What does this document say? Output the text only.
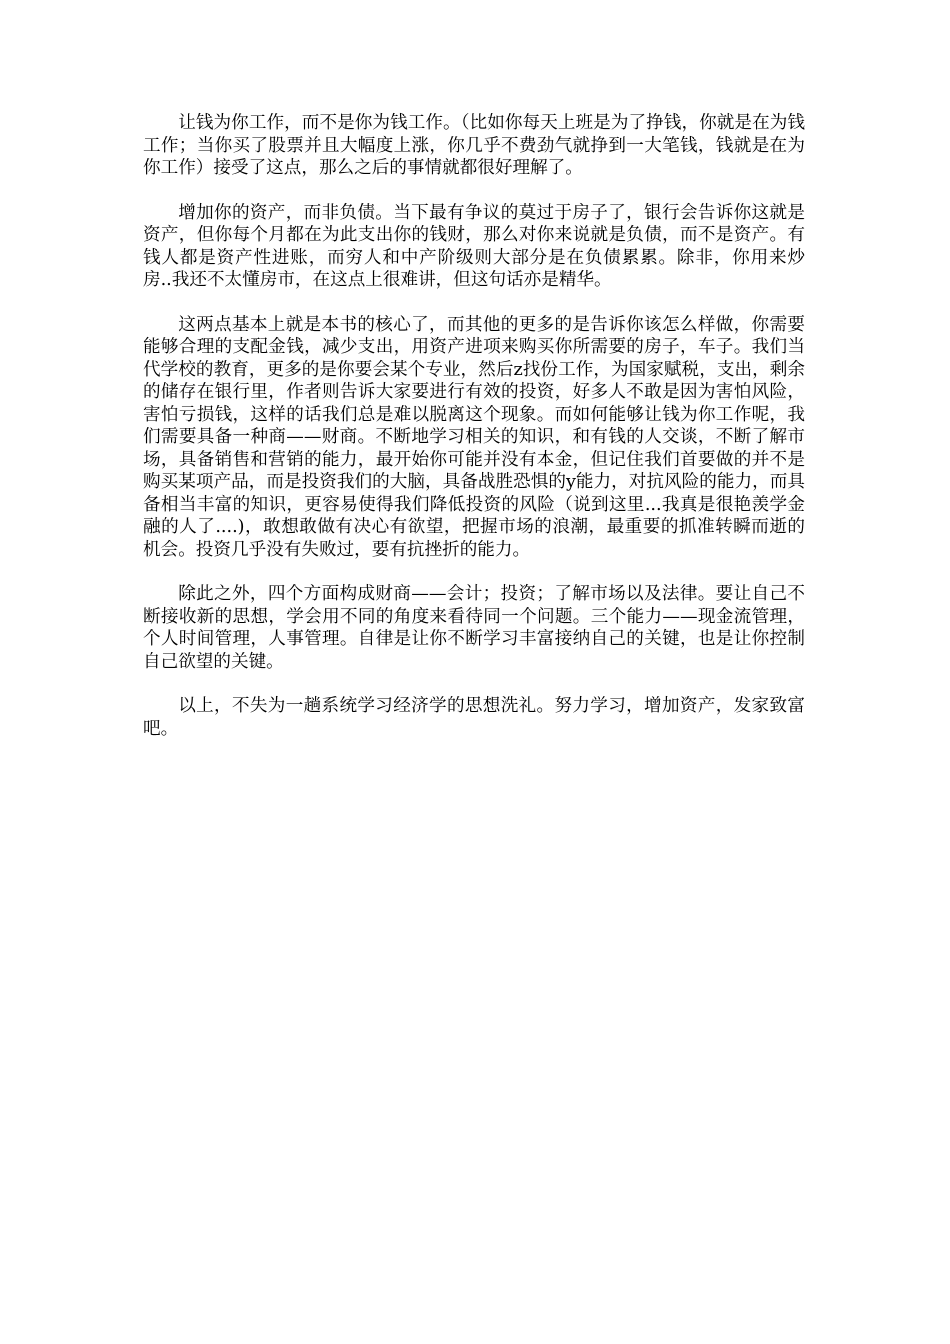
让钱为你工作，而不是你为钱工作。（比如你每天上班是为了挣钱，你就是在为钱工作；当你买了股票并且大幅度上涨，你几乎不费劲气就挣到一大笔钱，钱就是在为你工作）接受了这点，那么之后的事情就都很好理解了。

增加你的资产，而非负债。当下最有争议的莫过于房子了，银行会告诉你这就是资产，但你每个月都在为此支出你的钱财，那么对你来说就是负债，而不是资产。有钱人都是资产性进账，而穷人和中产阶级则大部分是在负债累累。除非，你用来炒房..我还不太懂房市，在这点上很难讲，但这句话亦是精华。

这两点基本上就是本书的核心了，而其他的更多的是告诉你该怎么样做，你需要能够合理的支配金钱，减少支出，用资产进项来购买你所需要的房子，车子。我们当代学校的教育，更多的是你要会某个专业，然后z找份工作，为国家赋税，支出，剩余的储存在银行里，作者则告诉大家要进行有效的投资，好多人不敢是因为害怕风险，害怕亏损钱，这样的话我们总是难以脱离这个现象。而如何能够让钱为你工作呢，我们需要具备一种商——财商。不断地学习相关的知识，和有钱的人交谈，不断了解市场，具备销售和营销的能力，最开始你可能并没有本金，但记住我们首要做的并不是购买某项产品，而是投资我们的大脑，具备战胜恐惧的y能力，对抗风险的能力，而具备相当丰富的知识，更容易使得我们降低投资的风险（说到这里...我真是很艳羡学金融的人了....)，敢想敢做有决心有欲望，把握市场的浪潮，最重要的抓准转瞬而逝的机会。投资几乎没有失败过，要有抗挫折的能力。

除此之外，四个方面构成财商——会计；投资；了解市场以及法律。要让自己不断接收新的思想，学会用不同的角度来看待同一个问题。三个能力——现金流管理，个人时间管理，人事管理。自律是让你不断学习丰富接纳自己的关键，也是让你控制自己欲望的关键。

以上，不失为一趟系统学习经济学的思想洗礼。努力学习，增加资产，发家致富吧。
